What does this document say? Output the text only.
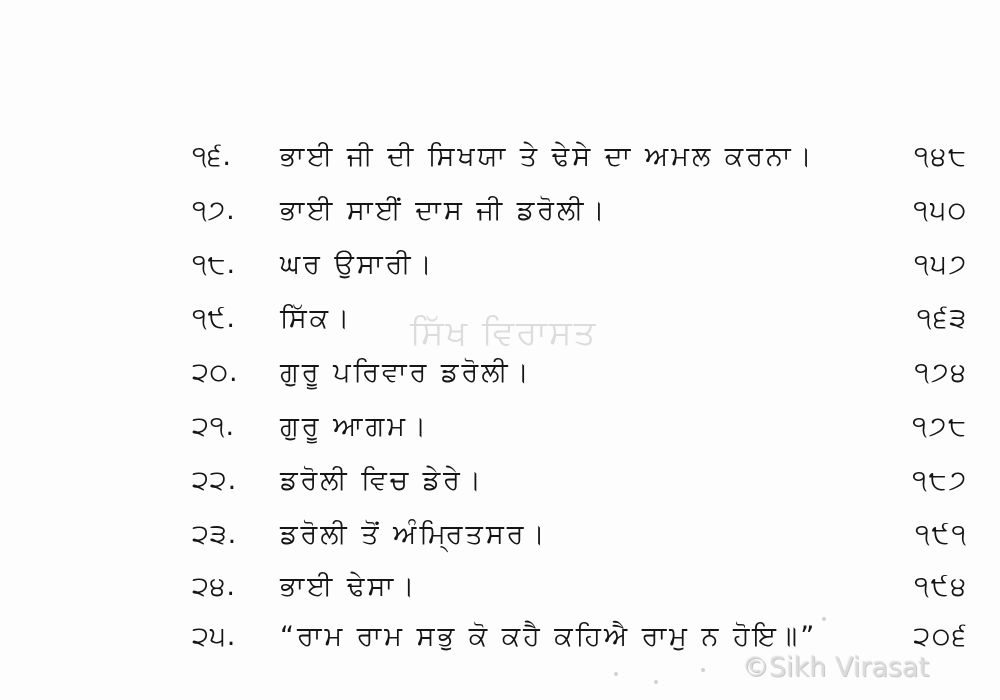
ਸਿੱਖ ਵਿਰਾਸਤ
੧੬.	ਭਾਈ ਜੀ ਦੀ ਸਿਖਯਾ ਤੇ ਢੇਸੇ ਦਾ ਅਮਲ ਕਰਨਾ।	੧੪੮
੧੭.	ਭਾਈ ਸਾਈਂ ਦਾਸ ਜੀ ਡਰੋਲੀ।	੧੫੦
੧੮.	ਘਰ ਉਸਾਰੀ।	੧੫੭
੧੯.	ਸਿੱਕ।	੧੬੩
੨੦.	ਗੁਰੂ ਪਰਿਵਾਰ ਡਰੋਲੀ।	੧੭੪
੨੧.	ਗੁਰੂ ਆਗਮ।	੧੭੮
੨੨.	ਡਰੋਲੀ ਵਿਚ ਡੇਰੇ।	੧੮੭
੨੩.	ਡਰੋਲੀ ਤੋਂ ਅੰਮ੍ਰਿਤਸਰ।	੧੯੧
੨੪.	ਭਾਈ ਢੇਸਾ।	੧੯੪
੨੫.	“ਰਾਮ ਰਾਮ ਸਭੁ ਕੋ ਕਹੈ ਕਹਿਐ ਰਾਮੁ ਨ ਹੋਇ॥”	੨੦੬
©Sikh Virasat
